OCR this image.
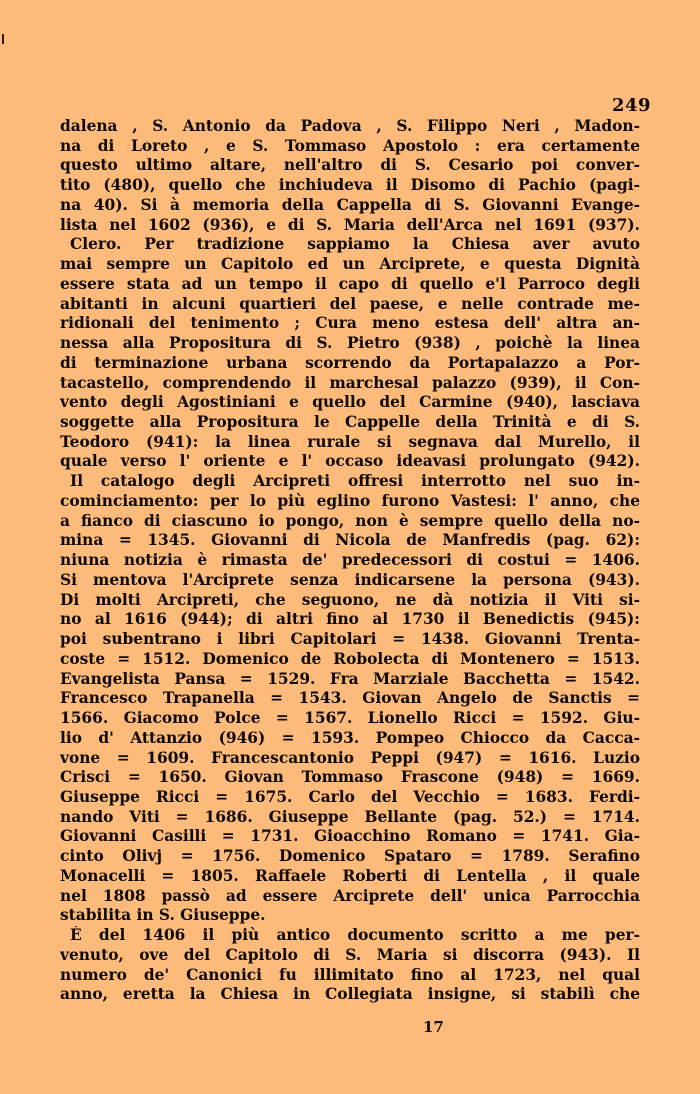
249
dalena , S. Antonio da Padova , S. Filippo Neri , Madon-
na di Loreto , e S. Tommaso Apostolo : era certamente
questo ultimo altare, nell'altro di S. Cesario poi conver-
tito (480), quello che inchiudeva il Disomo di Pachio (pagi-
na 40). Si à memoria della Cappella di S. Giovanni Evange-
lista nel 1602 (936), e di S. Maria dell'Arca nel 1691 (937).
Clero. Per tradizione sappiamo la Chiesa aver avuto
mai sempre un Capitolo ed un Arciprete, e questa Dignità
essere stata ad un tempo il capo di quello e'l Parroco degli
abitanti in alcuni quartieri del paese, e nelle contrade me-
ridionali del tenimento ; Cura meno estesa dell' altra an-
nessa alla Propositura di S. Pietro (938) , poichè la linea
di terminazione urbana scorrendo da Portapalazzo a Por-
tacastello, comprendendo il marchesal palazzo (939), il Con-
vento degli Agostiniani e quello del Carmine (940), lasciava
soggette alla Propositura le Cappelle della Trinità e di S.
Teodoro (941): la linea rurale si segnava dal Murello, il
quale verso l' oriente e l' occaso ideavasi prolungato (942).
Il catalogo degli Arcipreti offresi interrotto nel suo in-
cominciamento: per lo più eglino furono Vastesi: l' anno, che
a fianco di ciascuno io pongo, non è sempre quello della no-
mina = 1345. Giovanni di Nicola de Manfredis (pag. 62):
niuna notizia è rimasta de' predecessori di costui = 1406.
Si mentova l'Arciprete senza indicarsene la persona (943).
Di molti Arcipreti, che seguono, ne dà notizia il Viti si-
no al 1616 (944); di altri fino al 1730 il Benedictis (945):
poi subentrano i libri Capitolari = 1438. Giovanni Trenta-
coste = 1512. Domenico de Robolecta di Montenero = 1513.
Evangelista Pansa = 1529. Fra Marziale Bacchetta = 1542.
Francesco Trapanella = 1543. Giovan Angelo de Sanctis =
1566. Giacomo Polce = 1567. Lionello Ricci = 1592. Giu-
lio d' Attanzio (946) = 1593. Pompeo Chiocco da Cacca-
vone = 1609. Francescantonio Peppi (947) = 1616. Luzio
Crisci = 1650. Giovan Tommaso Frascone (948) = 1669.
Giuseppe Ricci = 1675. Carlo del Vecchio = 1683. Ferdi-
nando Viti = 1686. Giuseppe Bellante (pag. 52.) = 1714.
Giovanni Casilli = 1731. Gioacchino Romano = 1741. Gia-
cinto Olivj = 1756. Domenico Spataro = 1789. Serafino
Monacelli = 1805. Raffaele Roberti di Lentella , il quale
nel 1808 passò ad essere Arciprete dell' unica Parrocchia
stabilita in S. Giuseppe.
È del 1406 il più antico documento scritto a me per-
venuto, ove del Capitolo di S. Maria si discorra (943). Il
numero de' Canonici fu illimitato fino al 1723, nel qual
anno, eretta la Chiesa in Collegiata insigne, si stabilì che
17
